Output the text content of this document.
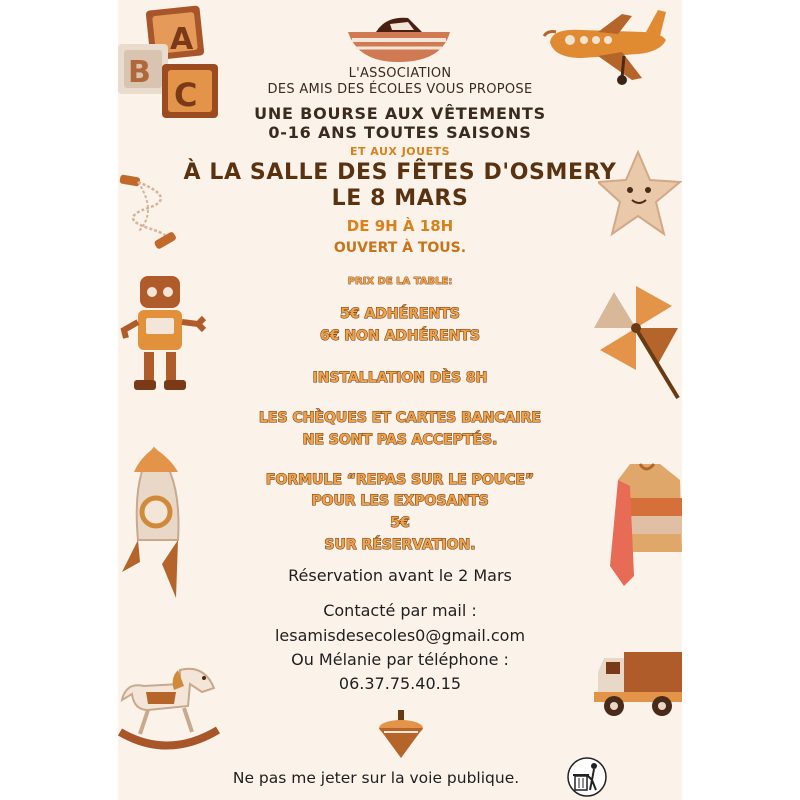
A
B
C
L'ASSOCIATION
DES AMIS DES ÉCOLES VOUS PROPOSE
UNE BOURSE AUX VÊTEMENTS
0-16 ANS TOUTES SAISONS
ET AUX JOUETS
À LA SALLE DES FÊTES D'OSMERY
LE 8 MARS
DE 9H À 18H
OUVERT À TOUS.
PRIX DE LA TABLE:
5€ ADHÉRENTS
6€ NON ADHÉRENTS
INSTALLATION DÈS 8H
LES CHÈQUES ET CARTES BANCAIRE
NE SONT PAS ACCEPTÉS.
FORMULE “REPAS SUR LE POUCE”
POUR LES EXPOSANTS
5€
SUR RÉSERVATION.
Réservation avant le 2 Mars
Contacté par mail :
lesamisdesecoles0@gmail.com
Ou Mélanie par téléphone :
06.37.75.40.15
Ne pas me jeter sur la voie publique.
